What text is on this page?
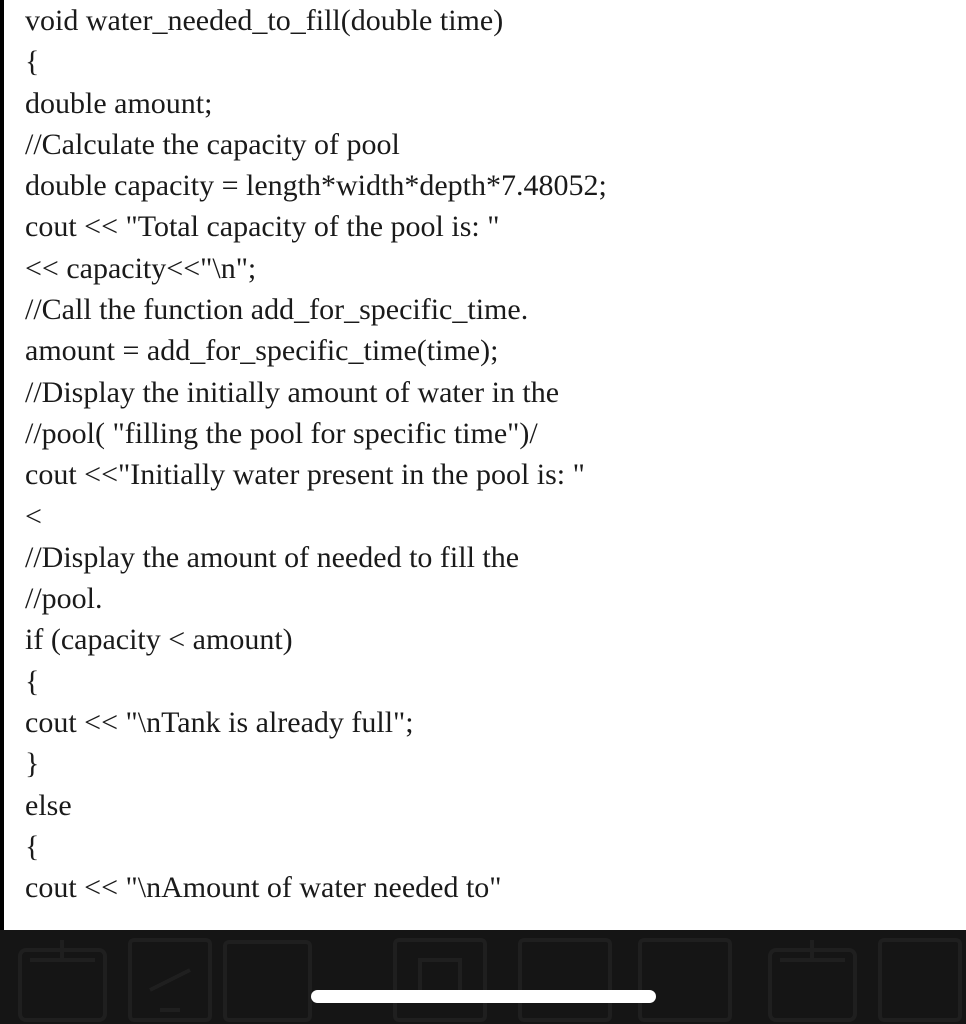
void water_needed_to_fill(double time)
{
double amount;
//Calculate the capacity of pool
double capacity = length*width*depth*7.48052;
cout << "Total capacity of the pool is: "
<< capacity<<"\n";
//Call the function add_for_specific_time.
amount = add_for_specific_time(time);
//Display the initially amount of water in the
//pool( "filling the pool for specific time")/
cout <<"Initially water present in the pool is: "
<
//Display the amount of needed to fill the
//pool.
if (capacity < amount)
{
cout << "\nTank is already full";
}
else
{
cout << "\nAmount of water needed to"
